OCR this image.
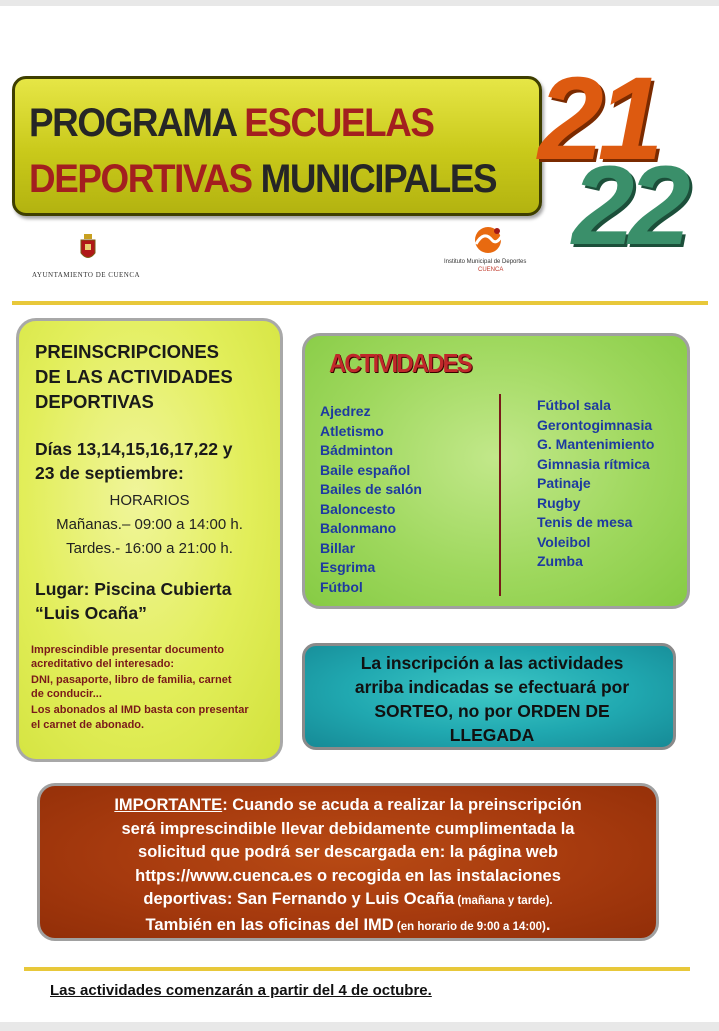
PROGRAMA ESCUELAS
DEPORTIVAS MUNICIPALES 21
22
AYUNTAMIENTO DE CUENCA
Instituto Municipal de Deportes
CUENCA
PREINSCRIPCIONES
DE LAS ACTIVIDADES
DEPORTIVAS
Días 13,14,15,16,17,22 y
23 de septiembre:
HORARIOS
Mañanas.– 09:00 a 14:00 h.
Tardes.- 16:00 a 21:00 h.
Lugar: Piscina Cubierta
“Luis Ocaña”
Imprescindible presentar documento
acreditativo del interesado:
DNI, pasaporte, libro de familia, carnet
de conducir...
Los abonados al IMD basta con presentar
el carnet de abonado.
ACTIVIDADES
Ajedrez
Atletismo
Bádminton
Baile español
Bailes de salón
Baloncesto
Balonmano
Billar
Esgrima
Fútbol
Fútbol sala
Gerontogimnasia
G. Mantenimiento
Gimnasia rítmica
Patinaje
Rugby
Tenis de mesa
Voleibol
Zumba
La inscripción a las actividades
arriba indicadas se efectuará por
SORTEO, no por ORDEN DE
LLEGADA
IMPORTANTE: Cuando se acuda a realizar la preinscripción
será imprescindible llevar debidamente cumplimentada la
solicitud que podrá ser descargada en: la página web
https://www.cuenca.es o recogida en las instalaciones
deportivas: San Fernando y Luis Ocaña (mañana y tarde).
También en las oficinas del IMD (en horario de 9:00 a 14:00).
Las actividades comenzarán a partir del 4 de octubre.
